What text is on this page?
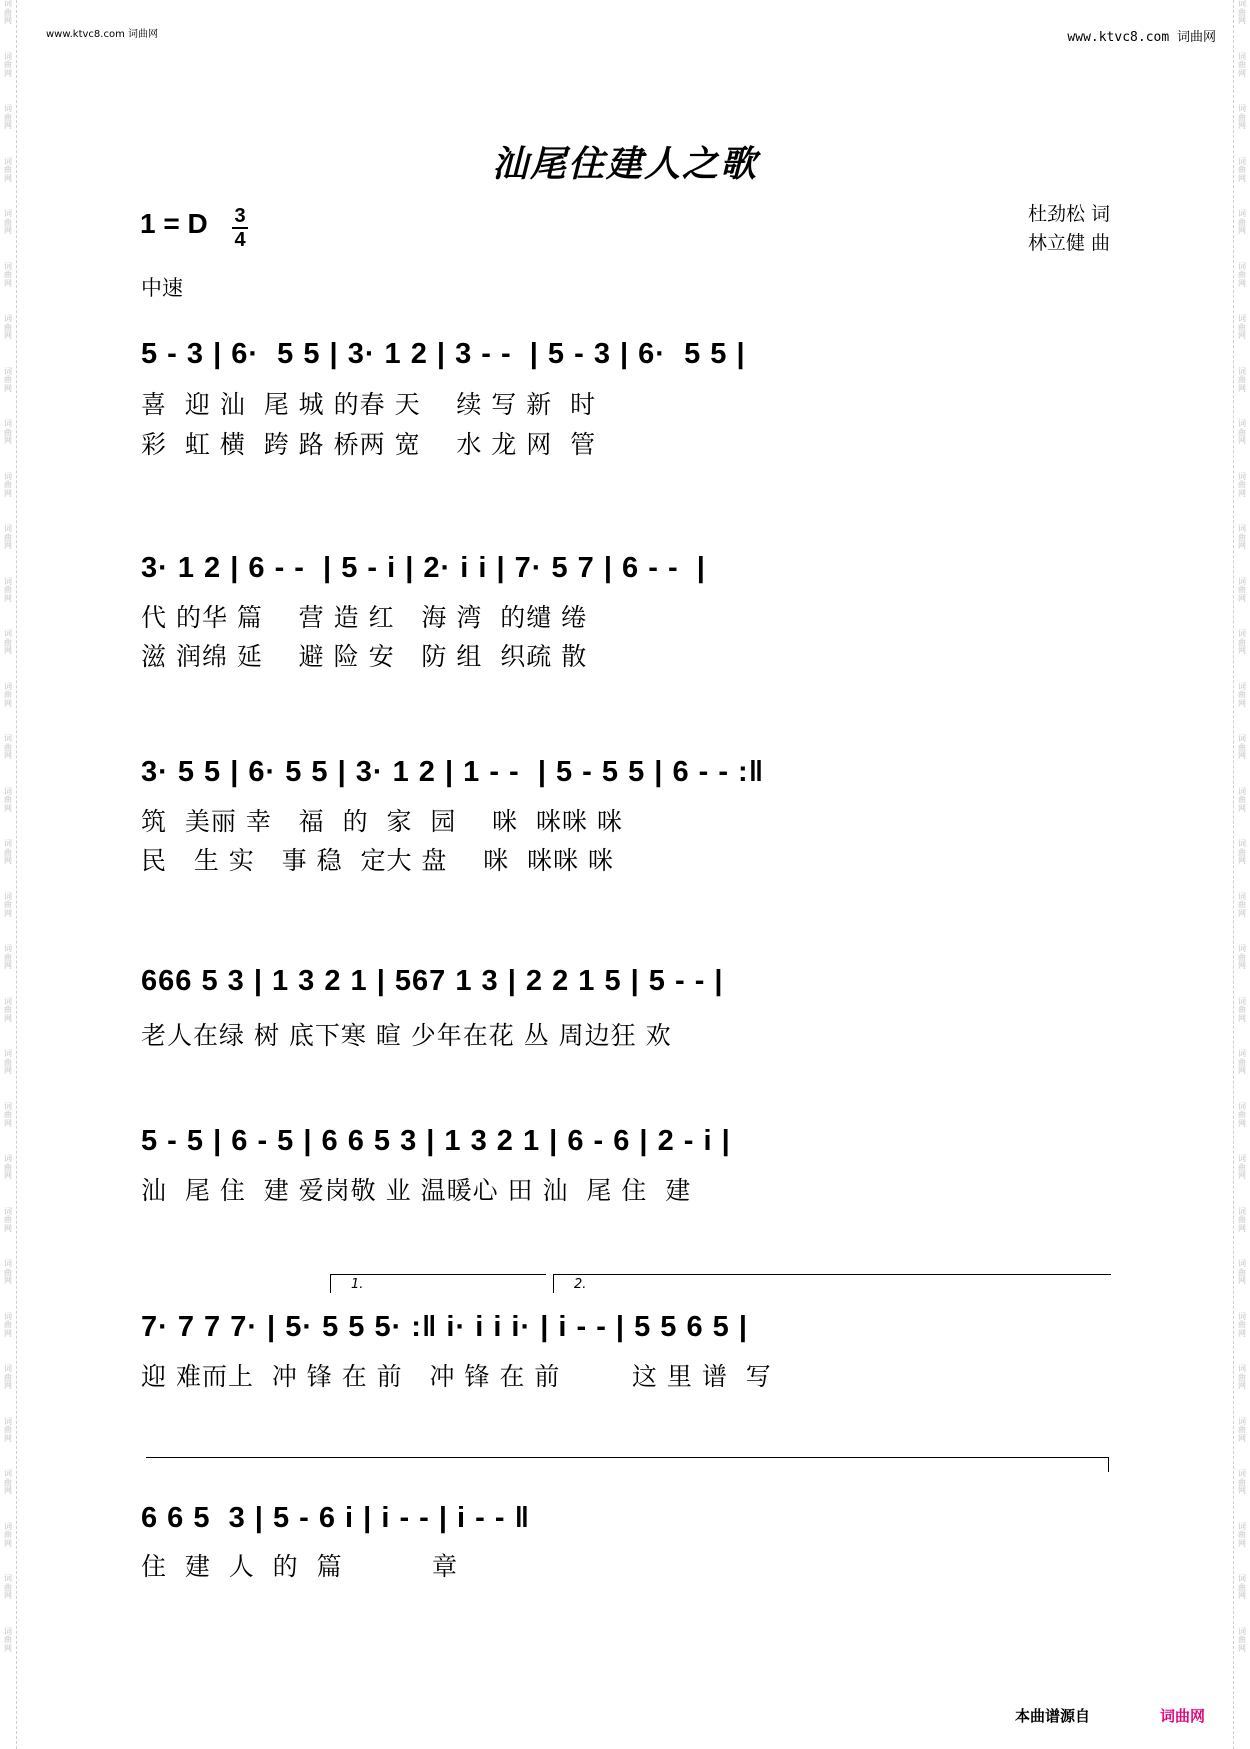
词
曲
网
词
曲
网
词
曲
网
词
曲
网
词
曲
网
词
曲
网
词
曲
网
词
曲
网
词
曲
网
词
曲
网
词
曲
网
词
曲
网
词
曲
网
词
曲
网
词
曲
网
词
曲
网
词
曲
网
词
曲
网
词
曲
网
词
曲
网
词
曲
网
词
曲
网
词
曲
网
词
曲
网
词
曲
网
词
曲
网
词
曲
网
词
曲
网
词
曲
网
词
曲
网
词
曲
网
词
曲
网
词
曲
网
词
曲
网
词
曲
网
词
曲
网
词
曲
网
词
曲
网
词
曲
网
词
曲
网
词
曲
网
词
曲
网
词
曲
网
词
曲
网
词
曲
网
词
曲
网
词
曲
网
词
曲
网
词
曲
网
词
曲
网
词
曲
网
词
曲
网
词
曲
网
词
曲
网
词
曲
网
词
曲
网
词
曲
网
词
曲
网
词
曲
网
词
曲
网
词
曲
网
词
曲
网
词
曲
网
词
曲
网
www.ktvc8.com 词曲网	www.ktvc8.com 词曲网
汕尾住建人之歌
1 = D 3
4
杜劲松 词
林立健 曲
中速
5 - 3 | 6·  5 5 | 3· 1 2 | 3 - -  | 5 - 3 | 6·  5 5 |
喜  迎 汕  尾 城 的春 天    续 写 新  时
彩  虹 横  跨 路 桥两 宽    水 龙 网  管
3· 1 2 | 6 - -  | 5 - i | 2· i i | 7· 5 7 | 6 - -  |
代 的华 篇    营 造 红   海 湾  的缱 绻
滋 润绵 延    避 险 安   防 组  织疏 散
3· 5 5 | 6· 5 5 | 3· 1 2 | 1 - -  | 5 - 5 5 | 6 - - :‖
筑  美丽 幸   福  的  家  园    咪  咪咪 咪
民   生 实   事 稳  定大 盘    咪  咪咪 咪
666 5 3 | 1 3 2 1 | 567 1 3 | 2 2 1 5 | 5 - - |
老人在绿 树 底下寒 暄 少年在花 丛 周边狂 欢
5 - 5 | 6 - 5 | 6 6 5 3 | 1 3 2 1 | 6 - 6 | 2 - i |
汕  尾 住  建 爱岗敬 业 温暖心 田 汕  尾 住  建
1.	2.
7· 7 7 7· | 5· 5 5 5· :‖ i· i i i· | i - - | 5 5 6 5 |
迎 难而上  冲 锋 在 前   冲 锋 在 前        这 里 谱  写
6 6 5  3 | 5 - 6 i | i - - | i - - ‖
住  建  人  的  篇          章
本曲谱源自	词曲网
